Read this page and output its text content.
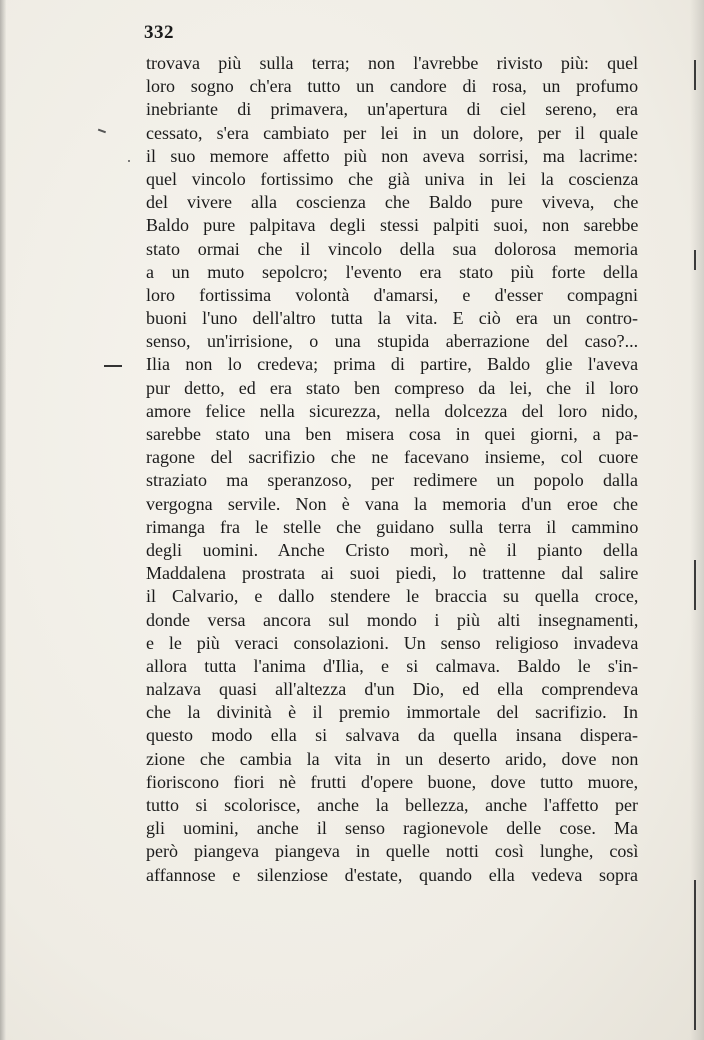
332
trovava più sulla terra; non l'avrebbe rivisto più: quel
loro sogno ch'era tutto un candore di rosa, un profumo
inebriante di primavera, un'apertura di ciel sereno, era
cessato, s'era cambiato per lei in un dolore, per il quale
il suo memore affetto più non aveva sorrisi, ma lacrime:
quel vincolo fortissimo che già univa in lei la coscienza
del vivere alla coscienza che Baldo pure viveva, che
Baldo pure palpitava degli stessi palpiti suoi, non sarebbe
stato ormai che il vincolo della sua dolorosa memoria
a un muto sepolcro; l'evento era stato più forte della
loro fortissima volontà d'amarsi, e d'esser compagni
buoni l'uno dell'altro tutta la vita. E ciò era un contro-
senso, un'irrisione, o una stupida aberrazione del caso?...
Ilia non lo credeva; prima di partire, Baldo glie l'aveva
pur detto, ed era stato ben compreso da lei, che il loro
amore felice nella sicurezza, nella dolcezza del loro nido,
sarebbe stato una ben misera cosa in quei giorni, a pa-
ragone del sacrifizio che ne facevano insieme, col cuore
straziato ma speranzoso, per redimere un popolo dalla
vergogna servile. Non è vana la memoria d'un eroe che
rimanga fra le stelle che guidano sulla terra il cammino
degli uomini. Anche Cristo morì, nè il pianto della
Maddalena prostrata ai suoi piedi, lo trattenne dal salire
il Calvario, e dallo stendere le braccia su quella croce,
donde versa ancora sul mondo i più alti insegnamenti,
e le più veraci consolazioni. Un senso religioso invadeva
allora tutta l'anima d'Ilia, e si calmava. Baldo le s'in-
nalzava quasi all'altezza d'un Dio, ed ella comprendeva
che la divinità è il premio immortale del sacrifizio. In
questo modo ella si salvava da quella insana dispera-
zione che cambia la vita in un deserto arido, dove non
fioriscono fiori nè frutti d'opere buone, dove tutto muore,
tutto si scolorisce, anche la bellezza, anche l'affetto per
gli uomini, anche il senso ragionevole delle cose. Ma
però piangeva piangeva in quelle notti così lunghe, così
affannose e silenziose d'estate, quando ella vedeva sopra
